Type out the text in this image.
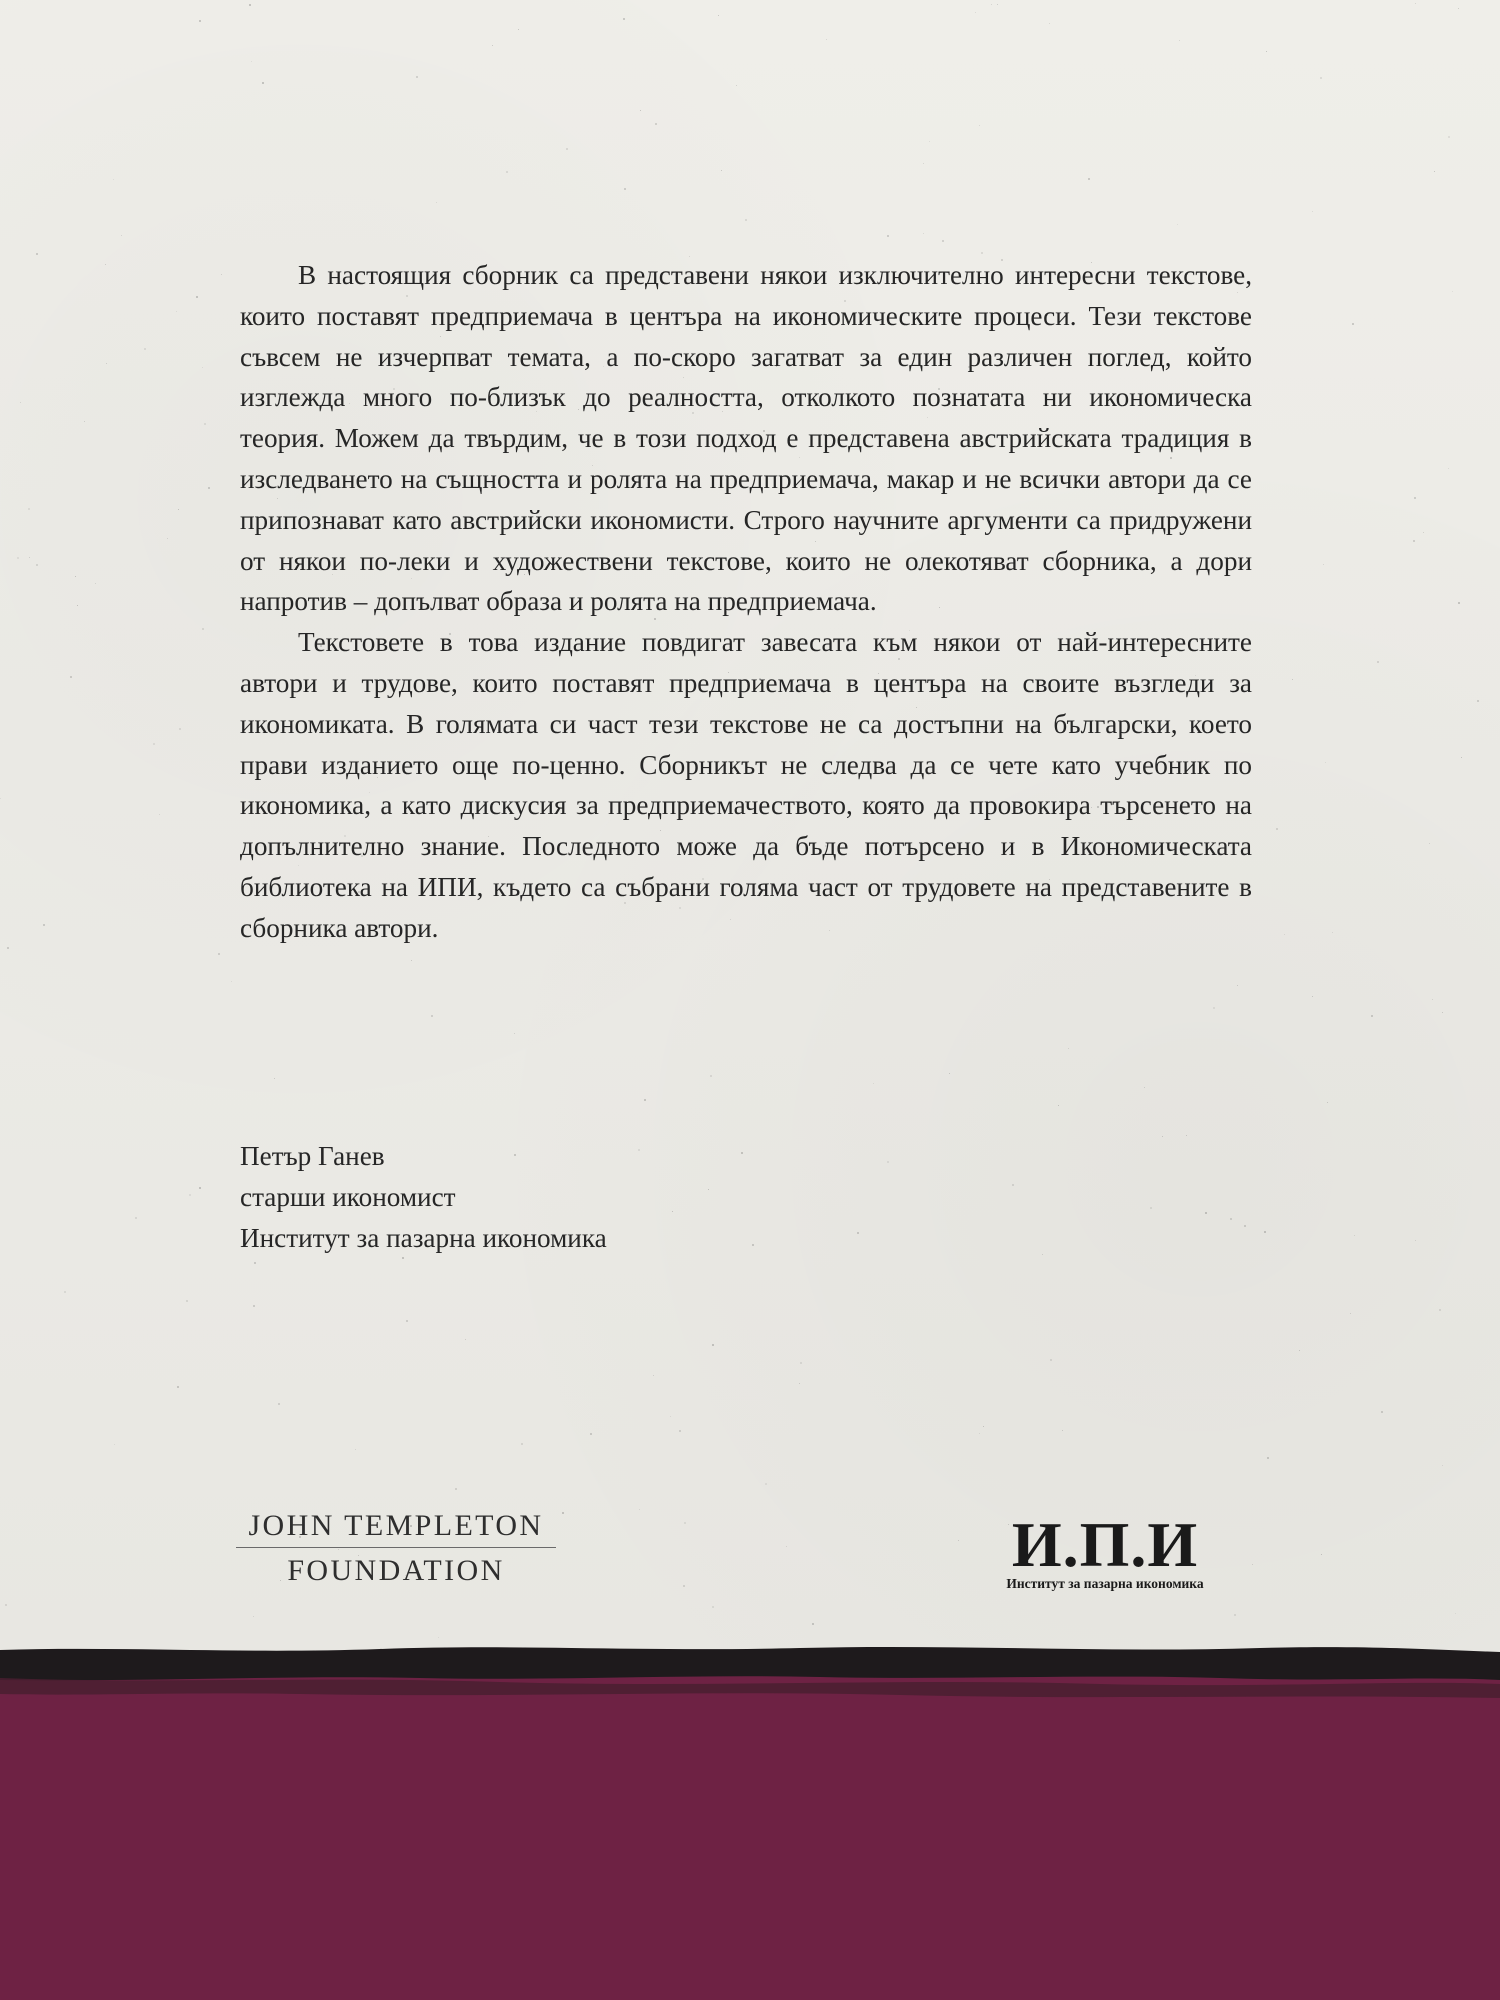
В настоящия сборник са представени някои изключително интересни текстове, които поставят предприемача в центъра на икономическите процеси. Тези текстове съвсем не изчерпват темата, а по-скоро загатват за един различен поглед, който изглежда много по-близък до реалността, отколкото познатата ни икономическа теория. Можем да твърдим, че в този подход е представена австрийската традиция в изследването на същността и ролята на предприемача, макар и не всички автори да се припознават като австрийски икономисти. Строго научните аргументи са придружени от някои по-леки и художествени текстове, които не олекотяват сборника, а дори напротив – допълват образа и ролята на предприемача.

Текстовете в това издание повдигат завесата към някои от най-интересните автори и трудове, които поставят предприемача в центъра на своите възгледи за икономиката. В голямата си част тези текстове не са достъпни на български, което прави изданието още по-ценно. Сборникът не следва да се чете като учебник по икономика, а като дискусия за предприемачеството, която да провокира търсенето на допълнително знание. Последното може да бъде потърсено и в Икономическата библиотека на ИПИ, където са събрани голяма част от трудовете на представените в сборника автори.

Петър Ганев
старши икономист
Институт за пазарна икономика
JOHN TEMPLETON
FOUNDATION	И.П.И
Институт за пазарна икономика
